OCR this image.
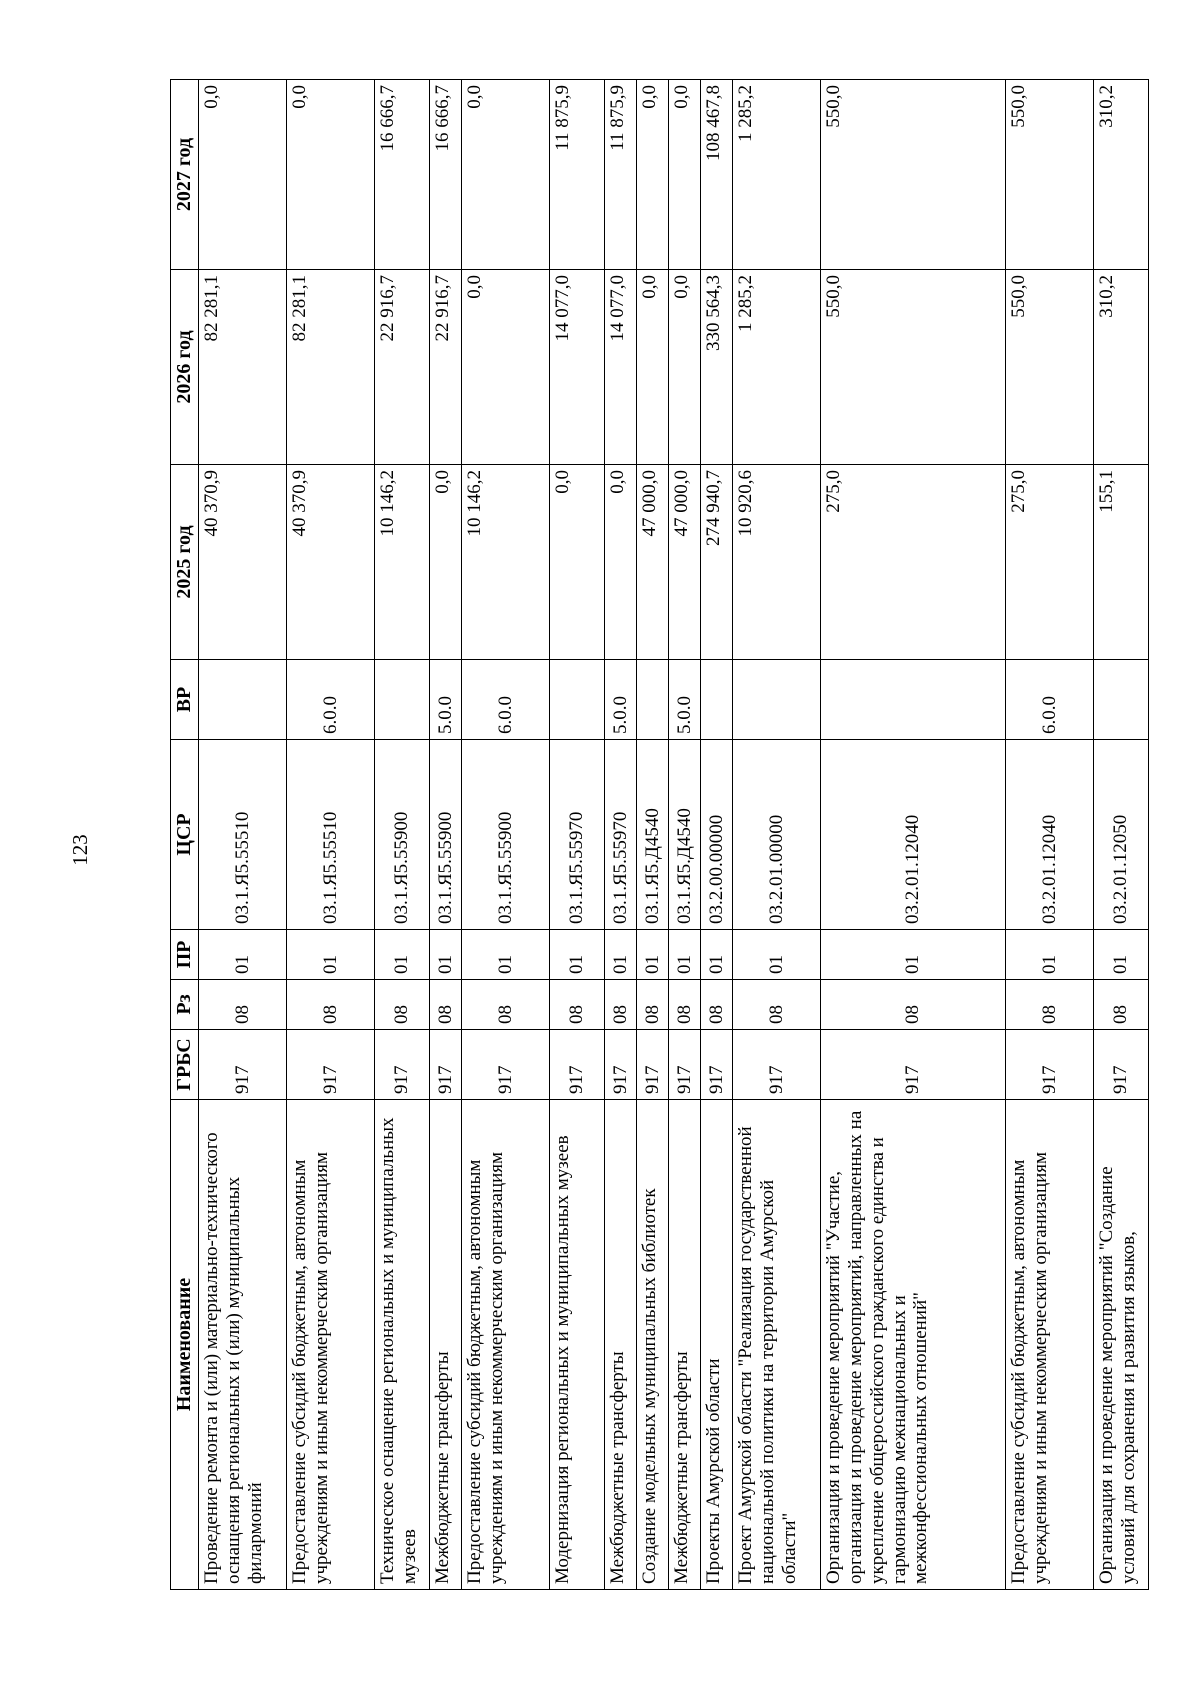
123
Наименование	ГРБС	Рз	ПР	ЦСР	ВР	2025 год	2026 год	2027 год
Проведение ремонта и (или) материально-технического оснащения региональных и (или) муниципальных филармоний	917	08	01	03.1.Я5.55510		40 370,9	82 281,1	0,0
Предоставление субсидий бюджетным, автономным учреждениям и иным некоммерческим организациям	917	08	01	03.1.Я5.55510	6.0.0	40 370,9	82 281,1	0,0
Техническое оснащение региональных и муниципальных музеев	917	08	01	03.1.Я5.55900		10 146,2	22 916,7	16 666,7
Межбюджетные трансферты	917	08	01	03.1.Я5.55900	5.0.0	0,0	22 916,7	16 666,7
Предоставление субсидий бюджетным, автономным учреждениям и иным некоммерческим организациям	917	08	01	03.1.Я5.55900	6.0.0	10 146,2	0,0	0,0
Модернизация региональных и муниципальных музеев	917	08	01	03.1.Я5.55970		0,0	14 077,0	11 875,9
Межбюджетные трансферты	917	08	01	03.1.Я5.55970	5.0.0	0,0	14 077,0	11 875,9
Создание модельных муниципальных библиотек	917	08	01	03.1.Я5.Д4540		47 000,0	0,0	0,0
Межбюджетные трансферты	917	08	01	03.1.Я5.Д4540	5.0.0	47 000,0	0,0	0,0
Проекты Амурской области	917	08	01	03.2.00.00000		274 940,7	330 564,3	108 467,8
Проект Амурской области "Реализация государственной национальной политики на территории Амурской области"	917	08	01	03.2.01.00000		10 920,6	1 285,2	1 285,2
Организация и проведение мероприятий "Участие, организация и проведение мероприятий, направленных на укрепление общероссийского гражданского единства и гармонизацию межнациональных и межконфессиональных отношений"	917	08	01	03.2.01.12040		275,0	550,0	550,0
Предоставление субсидий бюджетным, автономным учреждениям и иным некоммерческим организациям	917	08	01	03.2.01.12040	6.0.0	275,0	550,0	550,0
Организация и проведение мероприятий "Создание условий для сохранения и развития языков,	917	08	01	03.2.01.12050		155,1	310,2	310,2
